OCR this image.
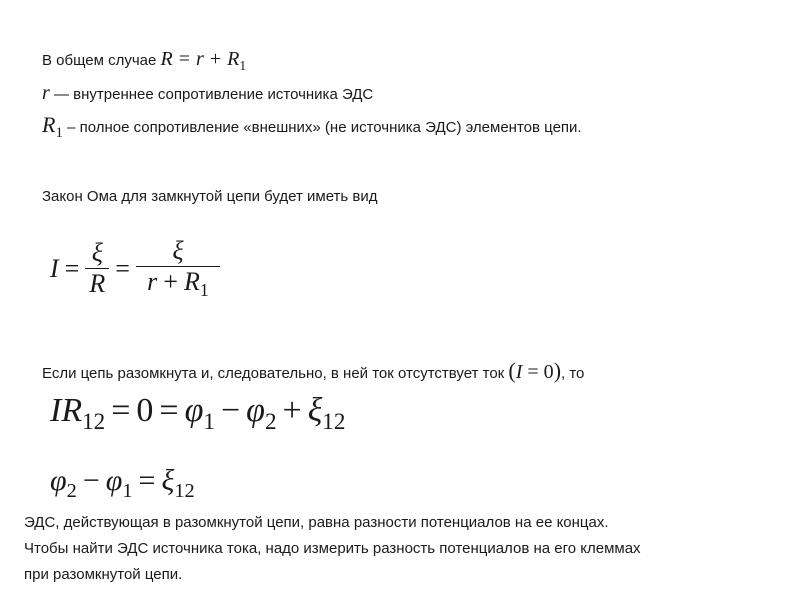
В общем случае $R = r + R_1$
r — внутреннее сопротивление источника ЭДС
$R_1$ – полное сопротивление «внешних» (не источника ЭДС) элементов цепи.
Закон Ома для замкнутой цепи будет иметь вид
$I = \frac{\xi}{R} = \frac{\xi}{r + R_1}$
Если цепь разомкнута и, следовательно, в ней ток отсутствует ток (I = 0), то
$IR_{12} = 0 = \varphi_1 - \varphi_2 + \xi_{12}$
$\varphi_2 - \varphi_1 = \xi_{12}$
ЭДС, действующая в разомкнутой цепи, равна разности потенциалов на ее концах.
Чтобы найти ЭДС источника тока, надо измерить разность потенциалов на его клеммах
при разомкнутой цепи.
